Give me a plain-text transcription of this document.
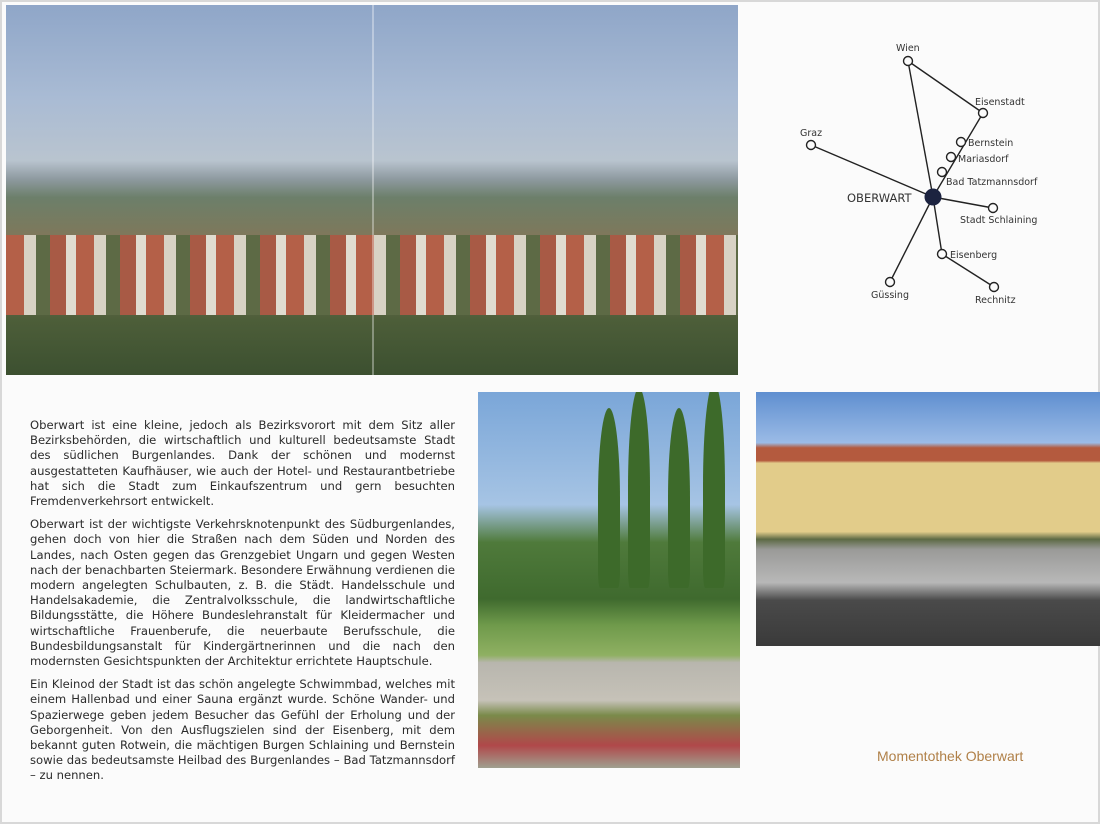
Oberwart ist eine kleine, jedoch als Bezirksvorort mit dem Sitz aller Bezirksbehörden, die wirtschaftlich und kulturell bedeutsamste Stadt des südlichen Burgenlandes. Dank der schönen und modernst ausgestatteten Kaufhäuser, wie auch der Hotel- und Restaurantbetriebe hat sich die Stadt zum Einkaufszentrum und gern besuchten Fremdenverkehrsort entwickelt.

Oberwart ist der wichtigste Verkehrsknotenpunkt des Südburgenlandes, gehen doch von hier die Straßen nach dem Süden und Norden des Landes, nach Osten gegen das Grenzgebiet Ungarn und gegen Westen nach der benachbarten Steiermark. Besondere Erwähnung verdienen die modern angelegten Schulbauten, z. B. die Städt. Handelsschule und Handelsakademie, die Zentralvolksschule, die landwirtschaftliche Bildungsstätte, die Höhere Bundeslehranstalt für Kleidermacher und wirtschaftliche Frauenberufe, die neuerbaute Berufsschule, die Bundesbildungsanstalt für Kindergärtnerinnen und die nach den modernsten Gesichtspunkten der Architektur errichtete Hauptschule.

Ein Kleinod der Stadt ist das schön angelegte Schwimmbad, welches mit einem Hallenbad und einer Sauna ergänzt wurde. Schöne Wander- und Spazierwege geben jedem Besucher das Gefühl der Erholung und der Geborgenheit. Von den Ausflugszielen sind der Eisenberg, mit dem bekannt guten Rotwein, die mächtigen Burgen Schlaining und Bernstein sowie das bedeutsamste Heilbad des Burgenlandes – Bad Tatzmannsdorf – zu nennen.

Wien
Eisenstadt
Bernstein
Mariasdorf
Bad Tatzmannsdorf
Graz
OBERWART
Stadt Schlaining
Eisenberg
Rechnitz
Güssing
Momentothek Oberwart
